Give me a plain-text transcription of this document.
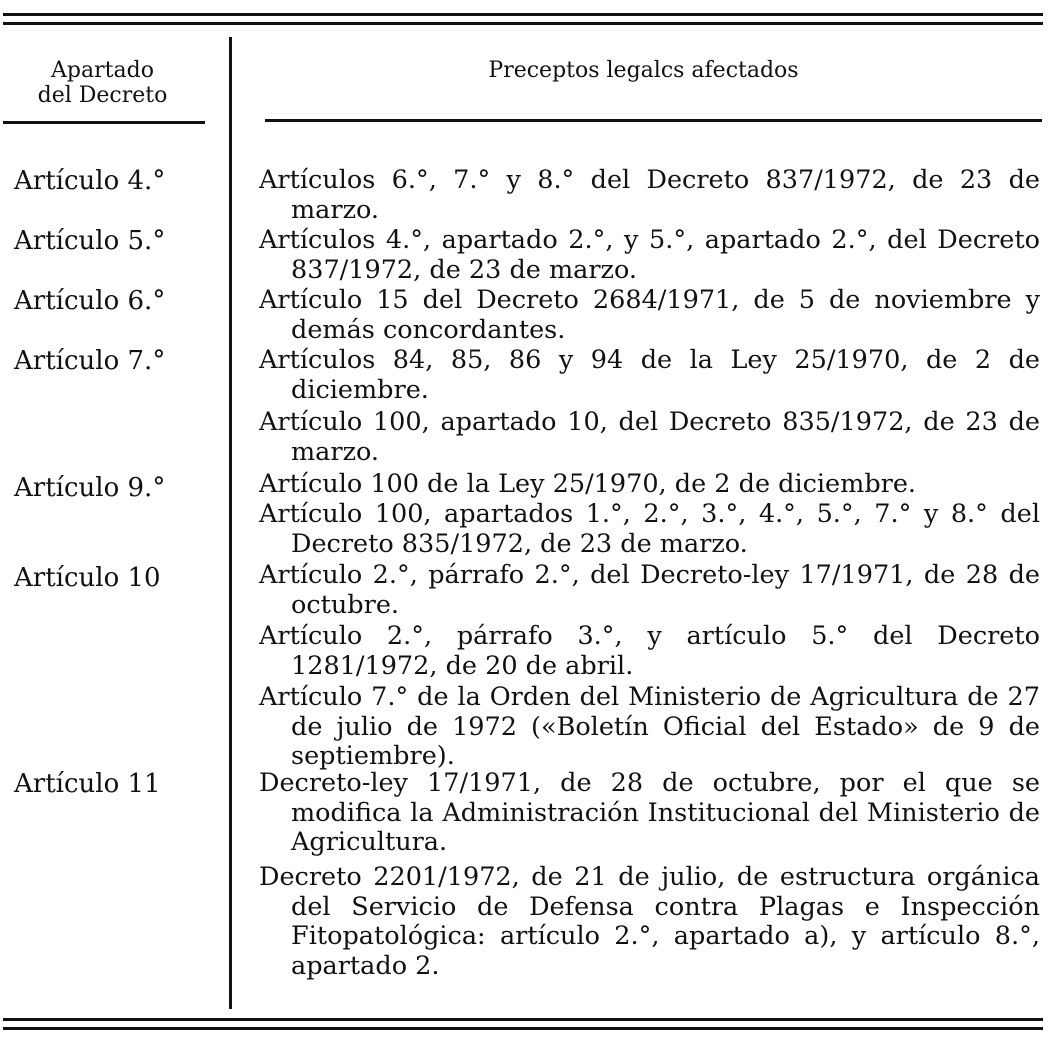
Apartado
del Decreto
Preceptos legalcs afectados
Artículo 4.°
Artículo 5.°
Artículo 6.°
Artículo 7.°
Artículo 9.°
Artículo 10
Artículo 11
Artículos 6.°, 7.° y 8.° del Decreto 837/1972, de 23 de marzo.
Artículos 4.°, apartado 2.°, y 5.°, apartado 2.°, del Decreto 837/1972, de 23 de marzo.
Artículo 15 del Decreto 2684/1971, de 5 de noviembre y demás concordantes.
Artículos 84, 85, 86 y 94 de la Ley 25/1970, de 2 de diciembre.
Artículo 100, apartado 10, del Decreto 835/1972, de 23 de marzo.
Artículo 100 de la Ley 25/1970, de 2 de diciembre.
Artículo 100, apartados 1.°, 2.°, 3.°, 4.°, 5.°, 7.° y 8.° del Decreto 835/1972, de 23 de marzo.
Artículo 2.°, párrafo 2.°, del Decreto-ley 17/1971, de 28 de octubre.
Artículo 2.°, párrafo 3.°, y artículo 5.° del Decreto 1281/1972, de 20 de abril.
Artículo 7.° de la Orden del Ministerio de Agricultura de 27 de julio de 1972 («Boletín Oficial del Estado» de 9 de septiembre).
Decreto-ley 17/1971, de 28 de octubre, por el que se modifica la Administración Institucional del Ministerio de Agricultura.
Decreto 2201/1972, de 21 de julio, de estructura orgánica del Servicio de Defensa contra Plagas e Inspección Fitopatológica: artículo 2.°, apartado a), y artículo 8.°, apartado 2.
